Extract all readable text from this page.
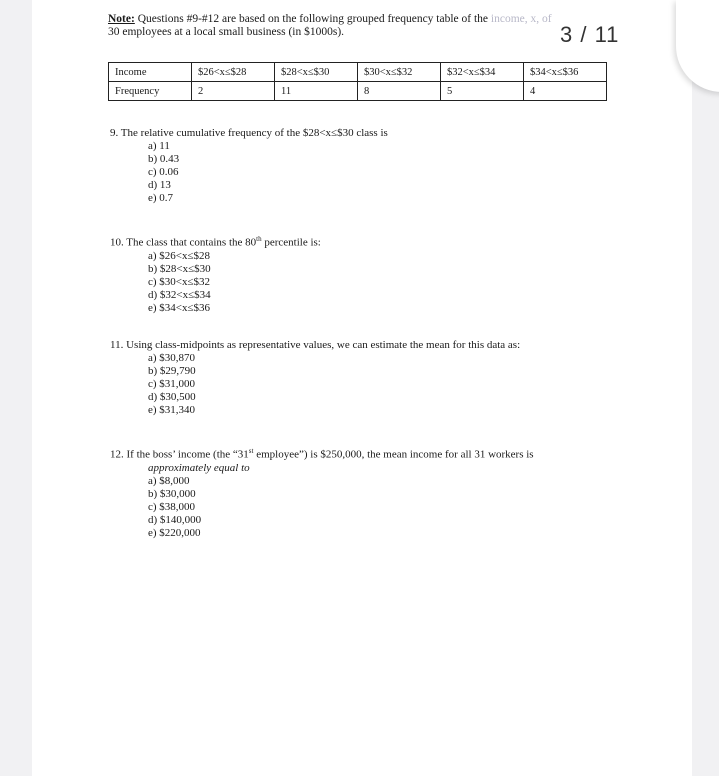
Note: Questions #9-#12 are based on the following grouped frequency table of the income, x, of
30 employees at a local small business (in $1000s).	3 / 11
Income	$26<x≤$28	$28<x≤$30	$30<x≤$32	$32<x≤$34	$34<x≤$36
Frequency	2	11	8	5	4
9. The relative cumulative frequency of the $28<x≤$30 class is
a) 11
b) 0.43
c) 0.06
d) 13
e) 0.7
10. The class that contains the 80th percentile is:
a) $26<x≤$28
b) $28<x≤$30
c) $30<x≤$32
d) $32<x≤$34
e) $34<x≤$36
11. Using class-midpoints as representative values, we can estimate the mean for this data as:
a) $30,870
b) $29,790
c) $31,000
d) $30,500
e) $31,340
12. If the boss’ income (the “31st employee”) is $250,000, the mean income for all 31 workers is
approximately equal to
a) $8,000
b) $30,000
c) $38,000
d) $140,000
e) $220,000
